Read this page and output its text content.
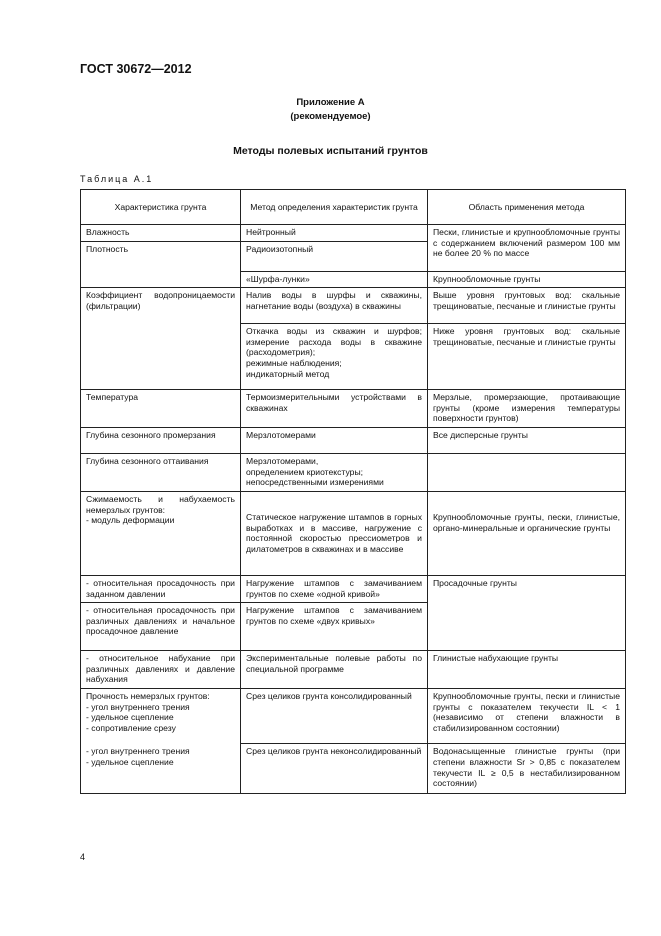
ГОСТ 30672—2012
Приложение А
(рекомендуемое)
Методы полевых испытаний грунтов
Таблица А.1
Характеристика грунта	Метод определения характеристик грунта	Область применения метода
Влажность	Нейтронный	Пески, глинистые и крупнообломочные грунты с содержанием включений размером 100 мм не более 20 % по массе
Плотность	Радиоизотопный	
	«Шурфа-лунки»	Крупнообломочные грунты
Коэффициент водопроницаемости (фильтрации)	Налив воды в шурфы и скважины, нагнетание воды (воздуха) в скважины	Выше уровня грунтовых вод: скальные трещиноватые, песчаные и глинистые грунты
	Откачка воды из скважин и шурфов; измерение расхода воды в скважине (расходометрия);
режимные наблюдения;
индикаторный метод	Ниже уровня грунтовых вод: скальные трещиноватые, песчаные и глинистые грунты
Температура	Термоизмерительными устройствами в скважинах	Мерзлые, промерзающие, протаивающие грунты (кроме измерения температуры поверхности грунтов)
Глубина сезонного промерзания	Мерзлотомерами	Все дисперсные грунты
Глубина сезонного оттаивания	Мерзлотомерами,
определением криотекстуры;
непосредственными измерениями	

Сжимаемость и набухаемость немерзлых грунтов:
- модуль деформации	Статическое нагружение штампов в горных выработках и в массиве, нагружение с постоянной скоростью прессиометров и дилатометров в скважинах и в массиве	Крупнообломочные грунты, пески, глинистые, органо-минеральные и органические грунты
- относительная просадочность при заданном давлении	Нагружение штампов с замачиванием грунтов по схеме «одной кривой»	Просадочные грунты
- относительная просадочность при различных давлениях и начальное просадочное давление	Нагружение штампов с замачиванием грунтов по схеме «двух кривых»	
- относительное набухание при различных давлениях и давление набухания	Экспериментальные полевые работы по специальной программе	Глинистые набухающие грунты
Прочность немерзлых грунтов:
- угол внутреннего трения
- удельное сцепление
- сопротивление срезу	Срез целиков грунта консолидированный	Крупнообломочные грунты, пески и глинистые грунты с показателем текучести IL < 1 (независимо от степени влажности в стабилизированном состоянии)
- угол внутреннего трения
- удельное сцепление	Срез целиков грунта неконсолидированный	Водонасыщенные глинистые грунты (при степени влажности Sr > 0,85 с показателем текучести IL ≥ 0,5 в нестабилизированном состоянии)
4
